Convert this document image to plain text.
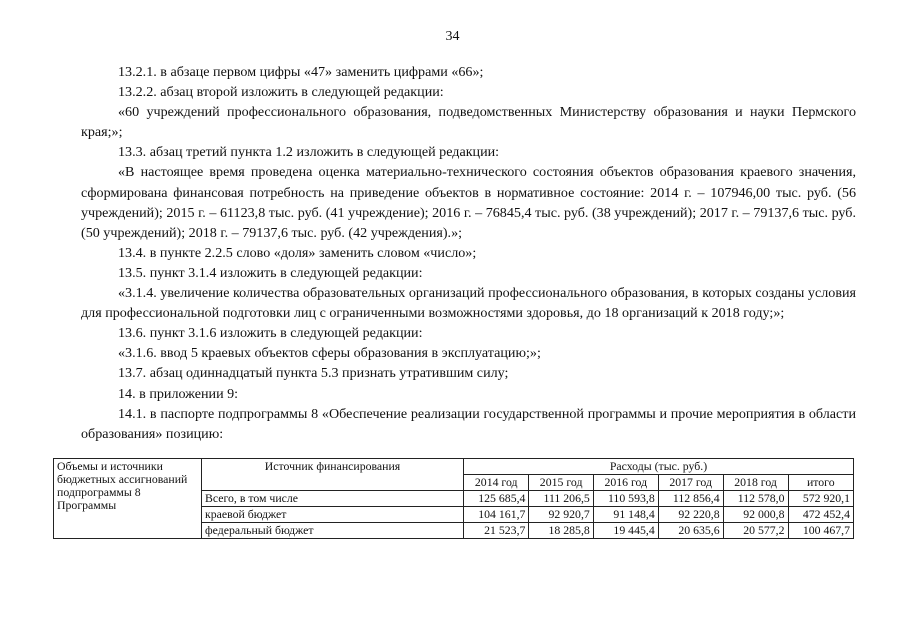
34

13.2.1. в абзаце первом цифры «47» заменить цифрами «66»;

13.2.2. абзац второй изложить в следующей редакции:

«60 учреждений профессионального образования, подведомственных Министерству образования и науки Пермского края;»;

13.3. абзац третий пункта 1.2 изложить в следующей редакции:

«В настоящее время проведена оценка материально-технического состояния объектов образования краевого значения, сформирована финансовая потребность на приведение объектов в нормативное состояние: 2014 г. – 107946,00 тыс. руб. (56 учреждений); 2015 г. – 61123,8 тыс. руб. (41 учреждение); 2016 г. – 76845,4 тыс. руб. (38 учреждений); 2017 г. – 79137,6 тыс. руб. (50 учреждений); 2018 г. – 79137,6 тыс. руб. (42 учреждения).»;

13.4. в пункте 2.2.5 слово «доля» заменить словом «число»;

13.5. пункт 3.1.4 изложить в следующей редакции:

«3.1.4. увеличение количества образовательных организаций профессионального образования, в которых созданы условия для профессиональной подготовки лиц с ограниченными возможностями здоровья, до 18 организаций к 2018 году;»;

13.6. пункт 3.1.6 изложить в следующей редакции:

«3.1.6. ввод 5 краевых объектов сферы образования в эксплуатацию;»;

13.7. абзац одиннадцатый пункта 5.3 признать утратившим силу;

14. в приложении 9:

14.1. в паспорте подпрограммы 8 «Обеспечение реализации государственной программы и прочие мероприятия в области образования» позицию:

Объемы и источники бюджетных ассигнований подпрограммы 8 Программы	Источник финансирования	Расходы (тыс. руб.)					
		2014 год	2015 год	2016 год	2017 год	2018 год	итого
	Всего, в том числе	125 685,4	111 206,5	110 593,8	112 856,4	112 578,0	572 920,1
	краевой бюджет	104 161,7	92 920,7	91 148,4	92 220,8	92 000,8	472 452,4
	федеральный бюджет	21 523,7	18 285,8	19 445,4	20 635,6	20 577,2	100 467,7
